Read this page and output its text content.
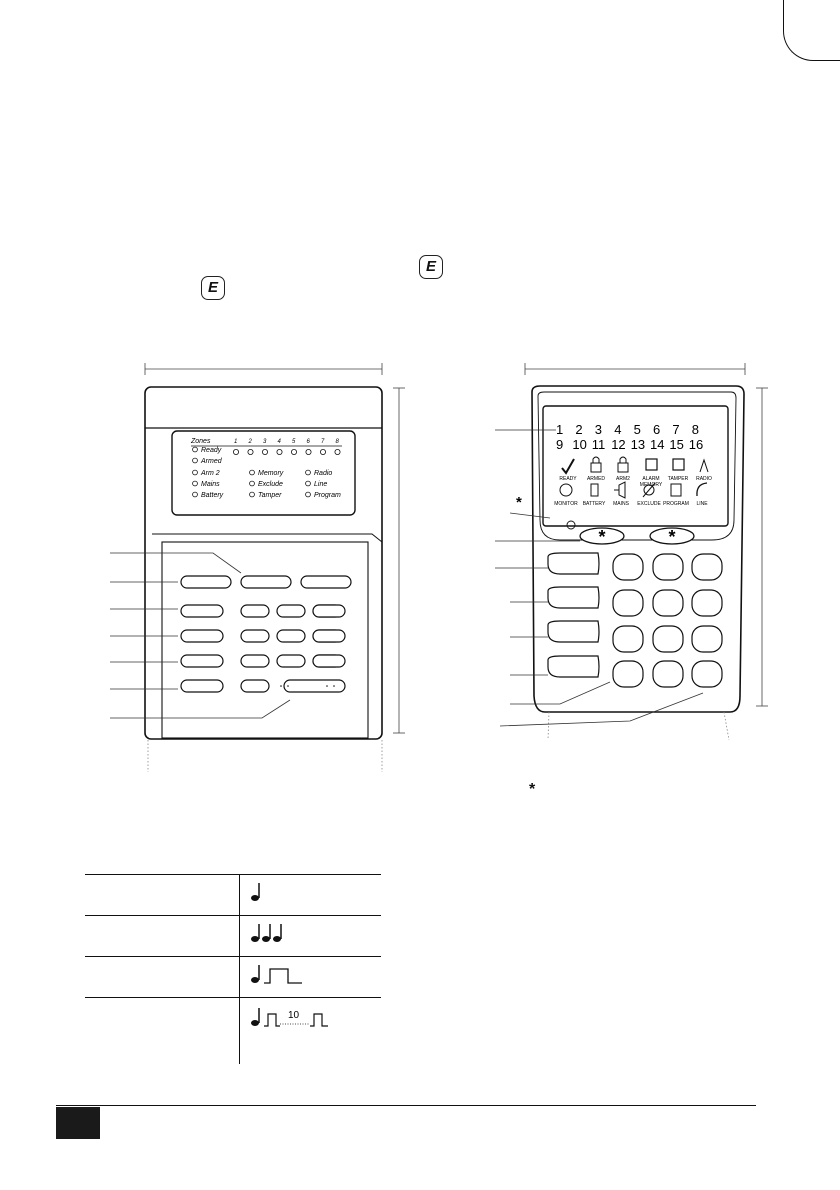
E
E
Zones	1 2 3 4 5 6 7 8
Ready
Armed
Arm 2
Mains
Battery
Memory
Exclude
Tamper
Radio
Line
Program
*	*
*
1 2 3 4 5 6 7 8
9 10 11 12 13 14 15 16
READY ARMED ARM2 ALARM
MEMORY
TAMPER RADIO
MONITOR BATTERY MAINS EXCLUDE PROGRAM LINE
*

10
